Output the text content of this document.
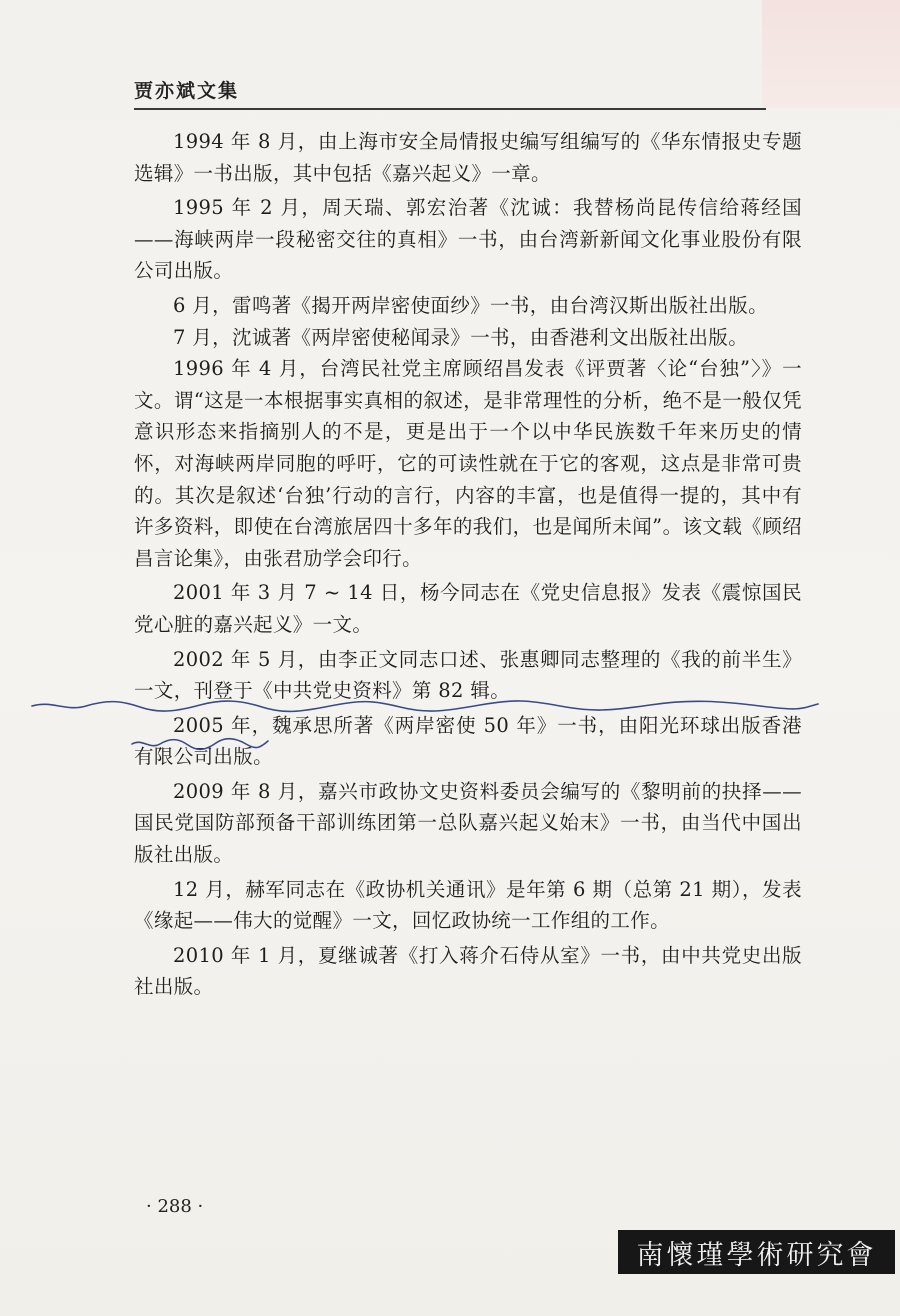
贾亦斌文集

1994 年 8 月，由上海市安全局情报史编写组编写的《华东情报史专题选辑》一书出版，其中包括《嘉兴起义》一章。

1995 年 2 月，周天瑞、郭宏治著《沈诚：我替杨尚昆传信给蒋经国——海峡两岸一段秘密交往的真相》一书，由台湾新新闻文化事业股份有限公司出版。

6 月，雷鸣著《揭开两岸密使面纱》一书，由台湾汉斯出版社出版。

7 月，沈诚著《两岸密使秘闻录》一书，由香港利文出版社出版。

1996 年 4 月，台湾民社党主席顾绍昌发表《评贾著〈论“台独”〉》一文。谓“这是一本根据事实真相的叙述，是非常理性的分析，绝不是一般仅凭意识形态来指摘别人的不是，更是出于一个以中华民族数千年来历史的情怀，对海峡两岸同胞的呼吁，它的可读性就在于它的客观，这点是非常可贵的。其次是叙述‘台独’行动的言行，内容的丰富，也是值得一提的，其中有许多资料，即使在台湾旅居四十多年的我们，也是闻所未闻”。该文载《顾绍昌言论集》，由张君劢学会印行。

2001 年 3 月 7 ~ 14 日，杨今同志在《党史信息报》发表《震惊国民党心脏的嘉兴起义》一文。

2002 年 5 月，由李正文同志口述、张惠卿同志整理的《我的前半生》一文，刊登于《中共党史资料》第 82 辑。

2005 年，魏承思所著《两岸密使 50 年》一书，由阳光环球出版香港有限公司出版。

2009 年 8 月，嘉兴市政协文史资料委员会编写的《黎明前的抉择——国民党国防部预备干部训练团第一总队嘉兴起义始末》一书，由当代中国出版社出版。

12 月，赫军同志在《政协机关通讯》是年第 6 期（总第 21 期），发表《缘起——伟大的觉醒》一文，回忆政协统一工作组的工作。

2010 年 1 月，夏继诚著《打入蒋介石侍从室》一书，由中共党史出版社出版。

· 288 ·
南懷瑾學術研究會
